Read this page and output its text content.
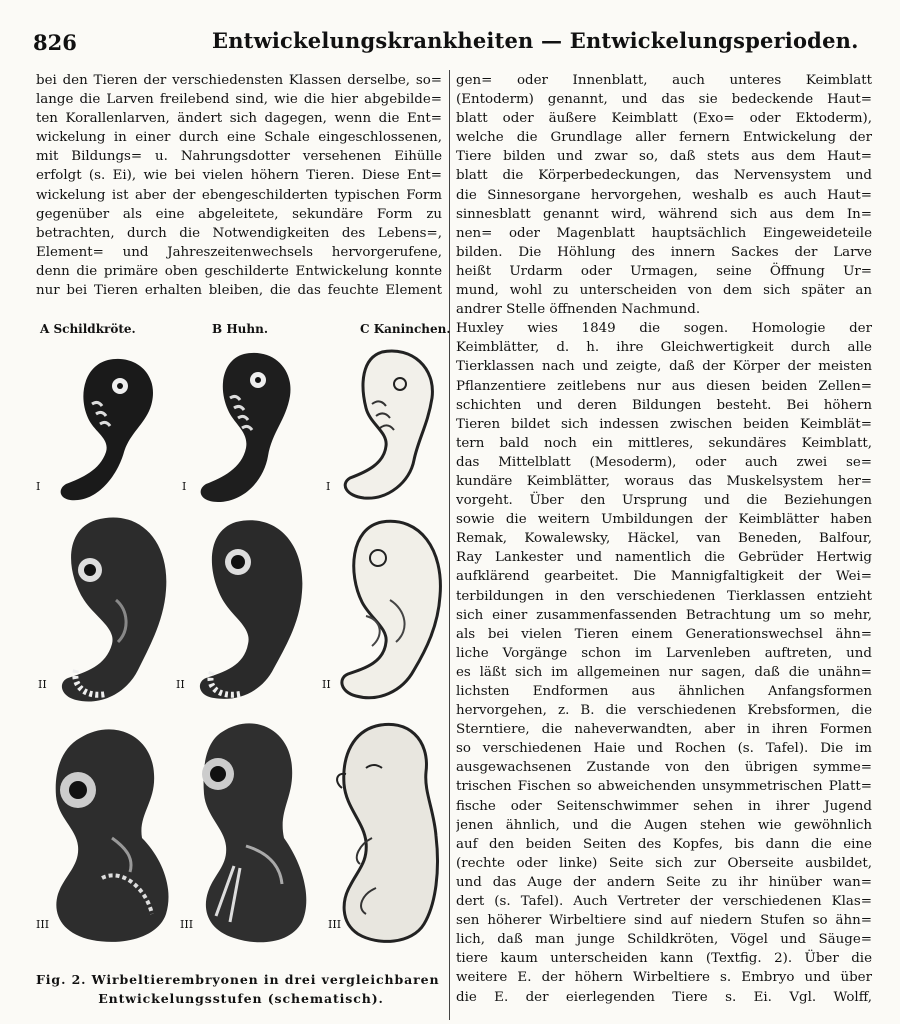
826	Entwickelungskrankheiten — Entwickelungsperioden.
bei den Tieren der verschiedensten Klassen derselbe, so=
lange die Larven freilebend sind, wie die hier abgebilde=
ten Korallenlarven, ändert sich dagegen, wenn die Ent=
wickelung in einer durch eine Schale eingeschlossenen,
mit Bildungs= u. Nahrungsdotter versehenen Eihülle
erfolgt (s. Ei), wie bei vielen höhern Tieren. Diese Ent=
wickelung ist aber der ebengeschilderten typischen Form
gegenüber als eine abgeleitete, sekundäre Form zu
betrachten, durch die Notwendigkeiten des Lebens=,
Element= und Jahreszeitenwechsels hervorgerufene,
denn die primäre oben geschilderte Entwickelung konnte
nur bei Tieren erhalten bleiben, die das feuchte Element
A Schildkröte.	B Huhn.	C Kaninchen.
I	I	I
II	II	II
III	III	III
Fig. 2. Wirbeltierembryonen in drei vergleichbaren
Entwickelungsstufen (schematisch).
gen= oder Innenblatt, auch unteres Keimblatt
(Entoderm) genannt, und das sie bedeckende Haut=
blatt oder äußere Keimblatt (Exo= oder Ektoderm),
welche die Grundlage aller fernern Entwickelung der
Tiere bilden und zwar so, daß stets aus dem Haut=
blatt die Körperbedeckungen, das Nervensystem und
die Sinnesorgane hervorgehen, weshalb es auch Haut=
sinnesblatt genannt wird, während sich aus dem In=
nen= oder Magenblatt hauptsächlich Eingeweideteile
bilden. Die Höhlung des innern Sackes der Larve
heißt Urdarm oder Urmagen, seine Öffnung Ur=
mund, wohl zu unterscheiden von dem sich später an
andrer Stelle öffnenden Nachmund.
Huxley wies 1849 die sogen. Homologie der
Keimblätter, d. h. ihre Gleichwertigkeit durch alle
Tierklassen nach und zeigte, daß der Körper der meisten
Pflanzentiere zeitlebens nur aus diesen beiden Zellen=
schichten und deren Bildungen besteht. Bei höhern
Tieren bildet sich indessen zwischen beiden Keimblät=
tern bald noch ein mittleres, sekundäres Keimblatt,
das Mittelblatt (Mesoderm), oder auch zwei se=
kundäre Keimblätter, woraus das Muskelsystem her=
vorgeht. Über den Ursprung und die Beziehungen
sowie die weitern Umbildungen der Keimblätter haben
Remak, Kowalewsky, Häckel, van Beneden, Balfour,
Ray Lankester und namentlich die Gebrüder Hertwig
aufklärend gearbeitet. Die Mannigfaltigkeit der Wei=
terbildungen in den verschiedenen Tierklassen entzieht
sich einer zusammenfassenden Betrachtung um so mehr,
als bei vielen Tieren einem Generationswechsel ähn=
liche Vorgänge schon im Larvenleben auftreten, und
es läßt sich im allgemeinen nur sagen, daß die unähn=
lichsten Endformen aus ähnlichen Anfangsformen
hervorgehen, z. B. die verschiedenen Krebsformen, die
Sterntiere, die naheverwandten, aber in ihren Formen
so verschiedenen Haie und Rochen (s. Tafel). Die im
ausgewachsenen Zustande von den übrigen symme=
trischen Fischen so abweichenden unsymmetrischen Platt=
fische oder Seitenschwimmer sehen in ihrer Jugend
jenen ähnlich, und die Augen stehen wie gewöhnlich
auf den beiden Seiten des Kopfes, bis dann die eine
(rechte oder linke) Seite sich zur Oberseite ausbildet,
und das Auge der andern Seite zu ihr hinüber wan=
dert (s. Tafel). Auch Vertreter der verschiedenen Klas=
sen höherer Wirbeltiere sind auf niedern Stufen so ähn=
lich, daß man junge Schildkröten, Vögel und Säuge=
tiere kaum unterscheiden kann (Textfig. 2). Über die
weitere E. der höhern Wirbeltiere s. Embryo und über
die E. der eierlegenden Tiere s. Ei. Vgl. Wolff,
